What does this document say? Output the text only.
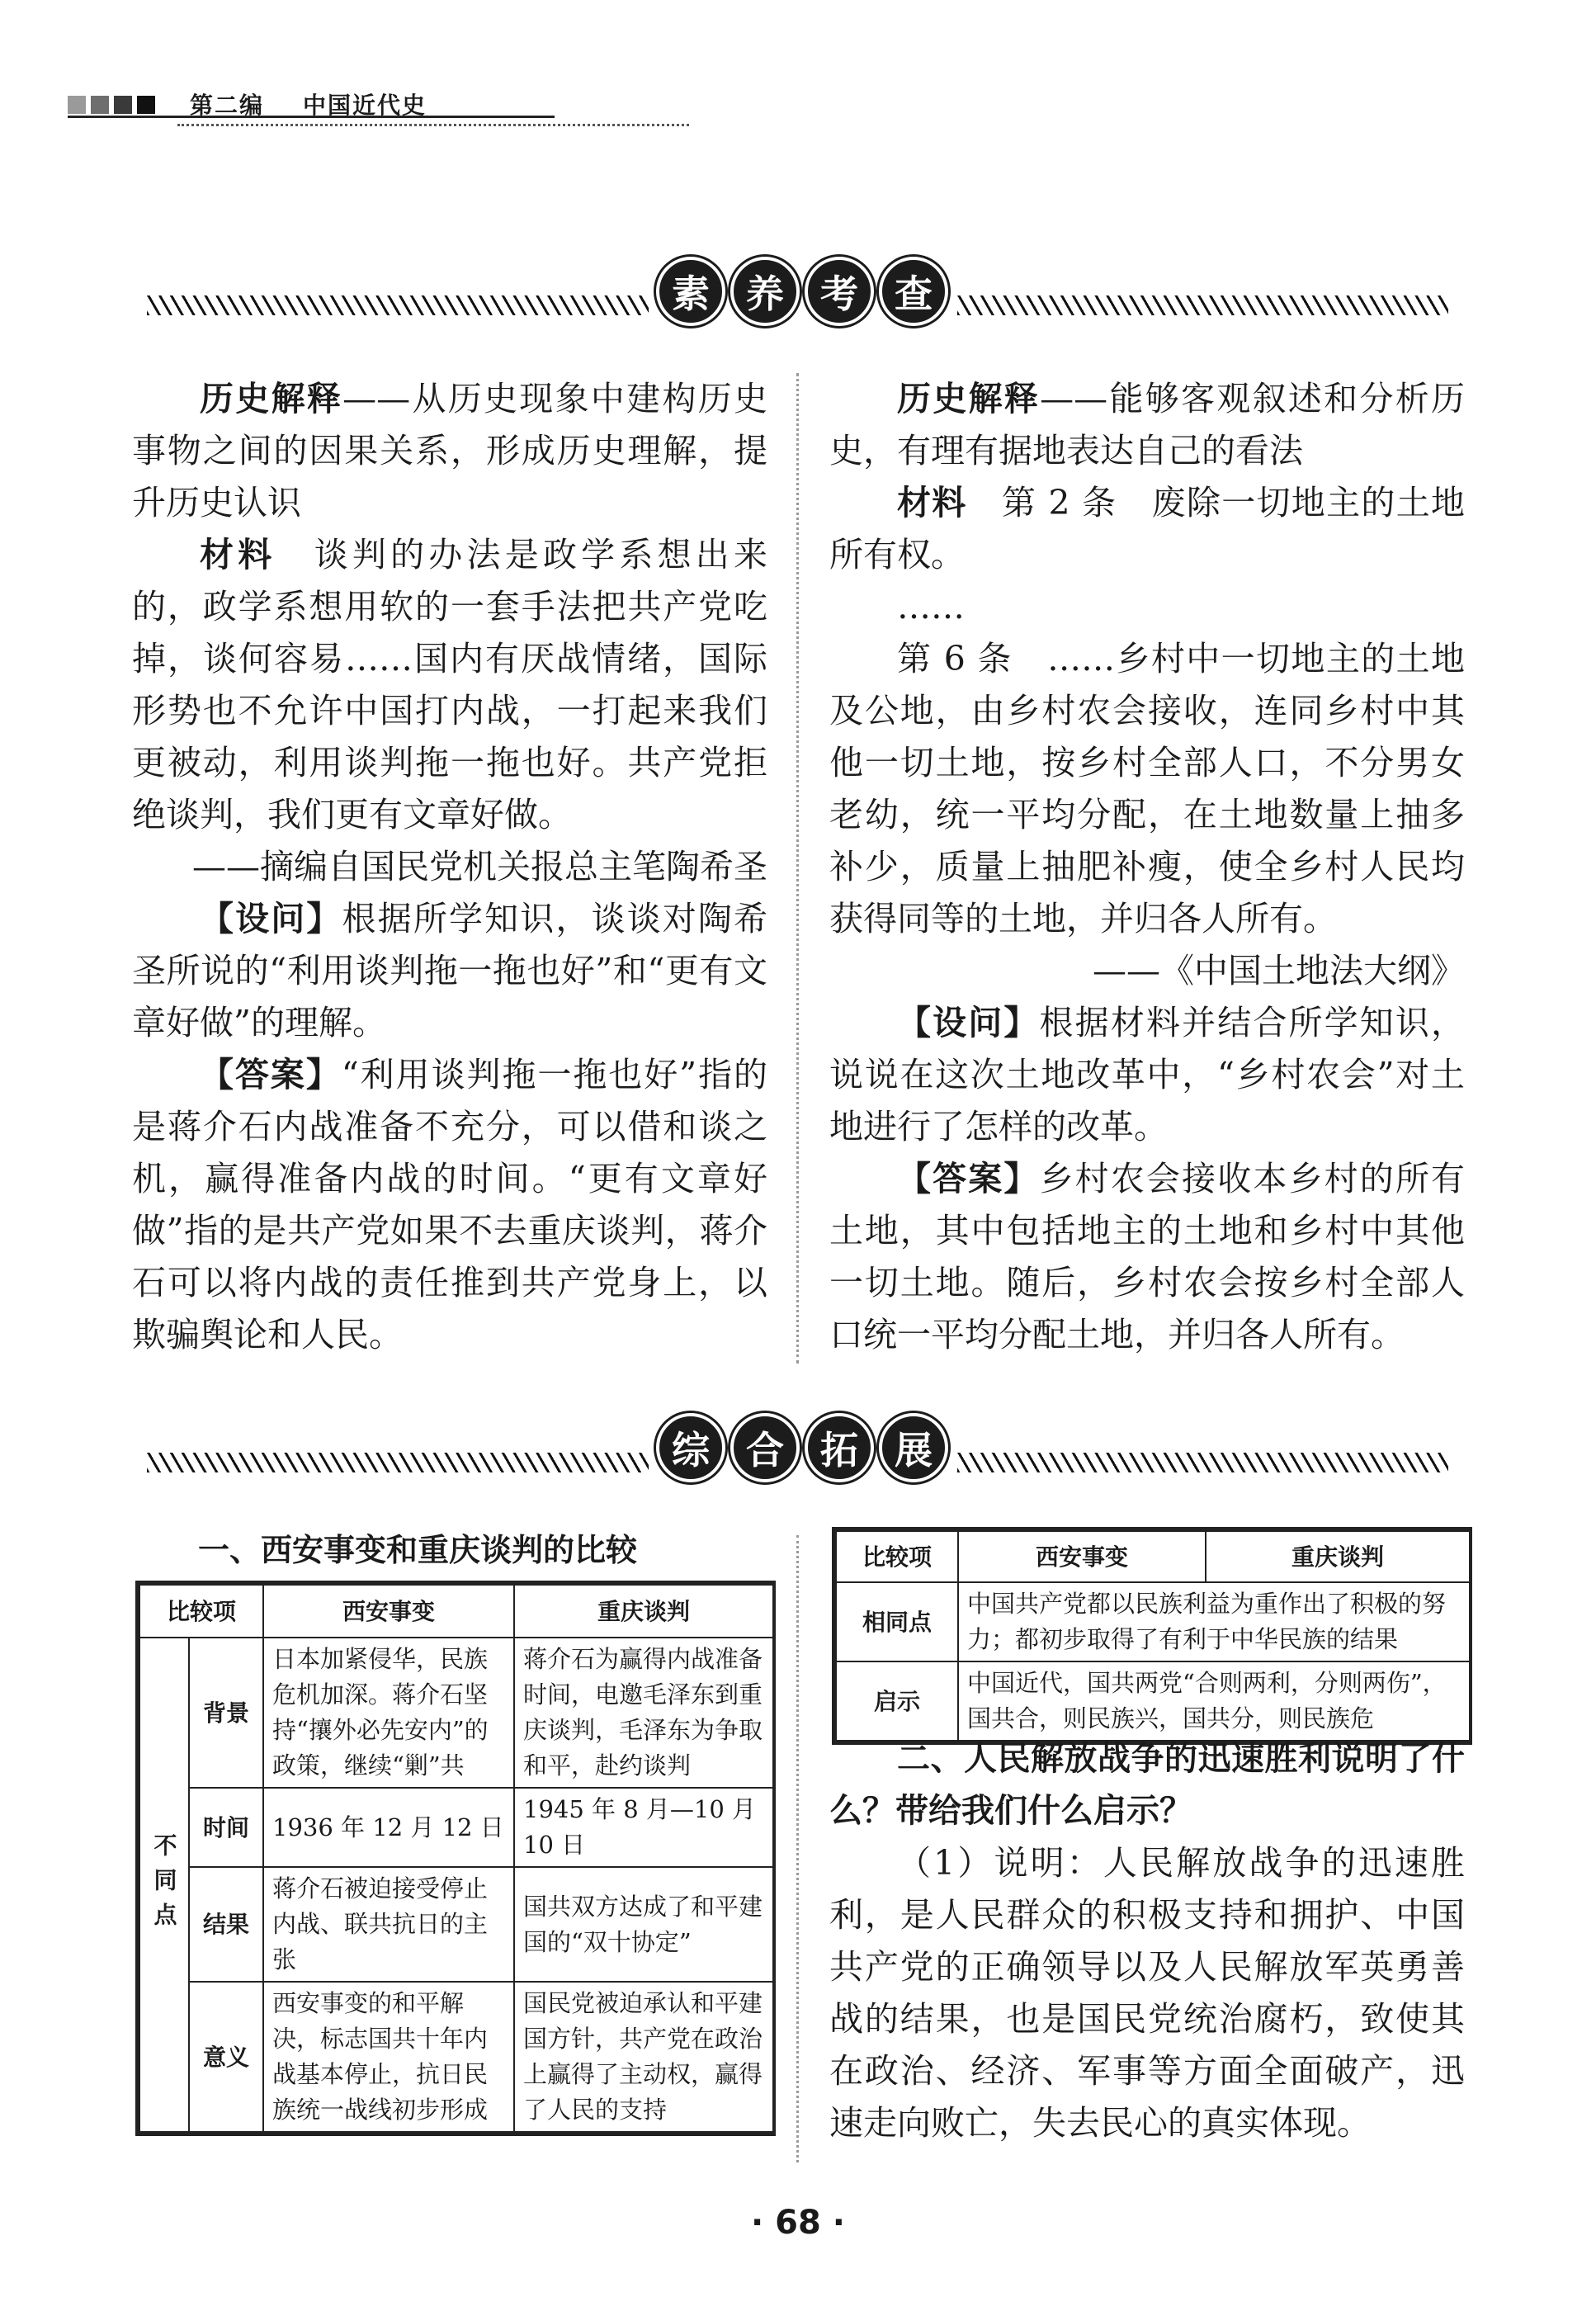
第二编 中国近代史
素 养 考 查

历史解释——从历史现象中建构历史事物之间的因果关系，形成历史理解，提升历史认识

材料　 谈判的办法是政学系想出来的，政学系想用软的一套手法把共产党吃掉，谈何容易……国内有厌战情绪，国际形势也不允许中国打内战，一打起来我们更被动，利用谈判拖一拖也好。共产党拒绝谈判，我们更有文章好做。

——摘编自国民党机关报总主笔陶希圣

【设问】根据所学知识，谈谈对陶希圣所说的“利用谈判拖一拖也好”和“更有文章好做”的理解。

【答案】“利用谈判拖一拖也好”指的是蒋介石内战准备不充分，可以借和谈之机，赢得准备内战的时间。“更有文章好做”指的是共产党如果不去重庆谈判，蒋介石可以将内战的责任推到共产党身上，以欺骗舆论和人民。

历史解释——能够客观叙述和分析历史，有理有据地表达自己的看法

材料　 第 2 条　废除一切地主的土地所有权。

……

第 6 条　……乡村中一切地主的土地及公地，由乡村农会接收，连同乡村中其他一切土地，按乡村全部人口，不分男女老幼，统一平均分配，在土地数量上抽多补少，质量上抽肥补瘦，使全乡村人民均获得同等的土地，并归各人所有。

——《中国土地法大纲》

【设问】根据材料并结合所学知识，说说在这次土地改革中，“乡村农会”对土地进行了怎样的改革。

【答案】乡村农会接收本乡村的所有土地，其中包括地主的土地和乡村中其他一切土地。随后，乡村农会按乡村全部人口统一平均分配土地，并归各人所有。

综 合 拓 展
一、西安事变和重庆谈判的比较
比较项		西安事变	重庆谈判
不同点	背景	日本加紧侵华，民族危机加深。蒋介石坚持“攘外必先安内”的政策，继续“剿”共	蒋介石为赢得内战准备时间，电邀毛泽东到重庆谈判，毛泽东为争取和平，赴约谈判
	时间	1936 年 12 月 12 日	1945 年 8 月—10 月 10 日
	结果	蒋介石被迫接受停止内战、联共抗日的主张	国共双方达成了和平建国的“双十协定”
	意义	西安事变的和平解决，标志国共十年内战基本停止，抗日民族统一战线初步形成	国民党被迫承认和平建国方针，共产党在政治上赢得了主动权，赢得了人民的支持
比较项	西安事变	重庆谈判
相同点	中国共产党都以民族利益为重作出了积极的努力；都初步取得了有利于中华民族的结果	
启示	中国近代，国共两党“合则两利，分则两伤”，国共合，则民族兴，国共分，则民族危	

二、人民解放战争的迅速胜利说明了什么？带给我们什么启示？

（1）说明：人民解放战争的迅速胜利，是人民群众的积极支持和拥护、中国共产党的正确领导以及人民解放军英勇善战的结果，也是国民党统治腐朽，致使其在政治、经济、军事等方面全面破产，迅速走向败亡，失去民心的真实体现。

· 68 ·
